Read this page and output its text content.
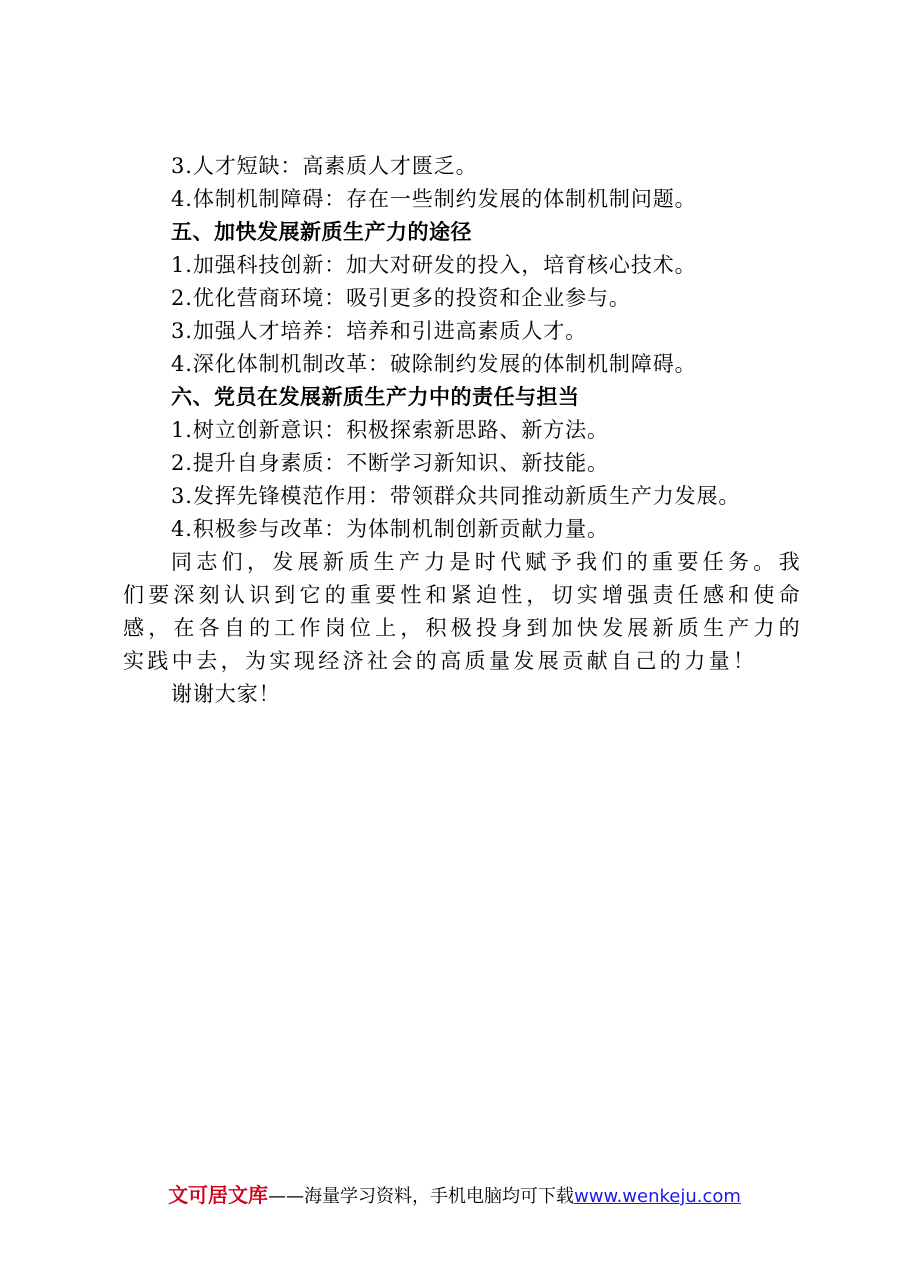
3.人才短缺：高素质人才匮乏。
4.体制机制障碍：存在一些制约发展的体制机制问题。
五、加快发展新质生产力的途径
1.加强科技创新：加大对研发的投入，培育核心技术。
2.优化营商环境：吸引更多的投资和企业参与。
3.加强人才培养：培养和引进高素质人才。
4.深化体制机制改革：破除制约发展的体制机制障碍。
六、党员在发展新质生产力中的责任与担当
1.树立创新意识：积极探索新思路、新方法。
2.提升自身素质：不断学习新知识、新技能。
3.发挥先锋模范作用：带领群众共同推动新质生产力发展。
4.积极参与改革：为体制机制创新贡献力量。

同志们，发展新质生产力是时代赋予我们的重要任务。我们要深刻认识到它的重要性和紧迫性，切实增强责任感和使命感，在各自的工作岗位上，积极投身到加快发展新质生产力的实践中去，为实现经济社会的高质量发展贡献自己的力量！

谢谢大家！
文可居文库——海量学习资料，手机电脑均可下载www.wenkeju.com
